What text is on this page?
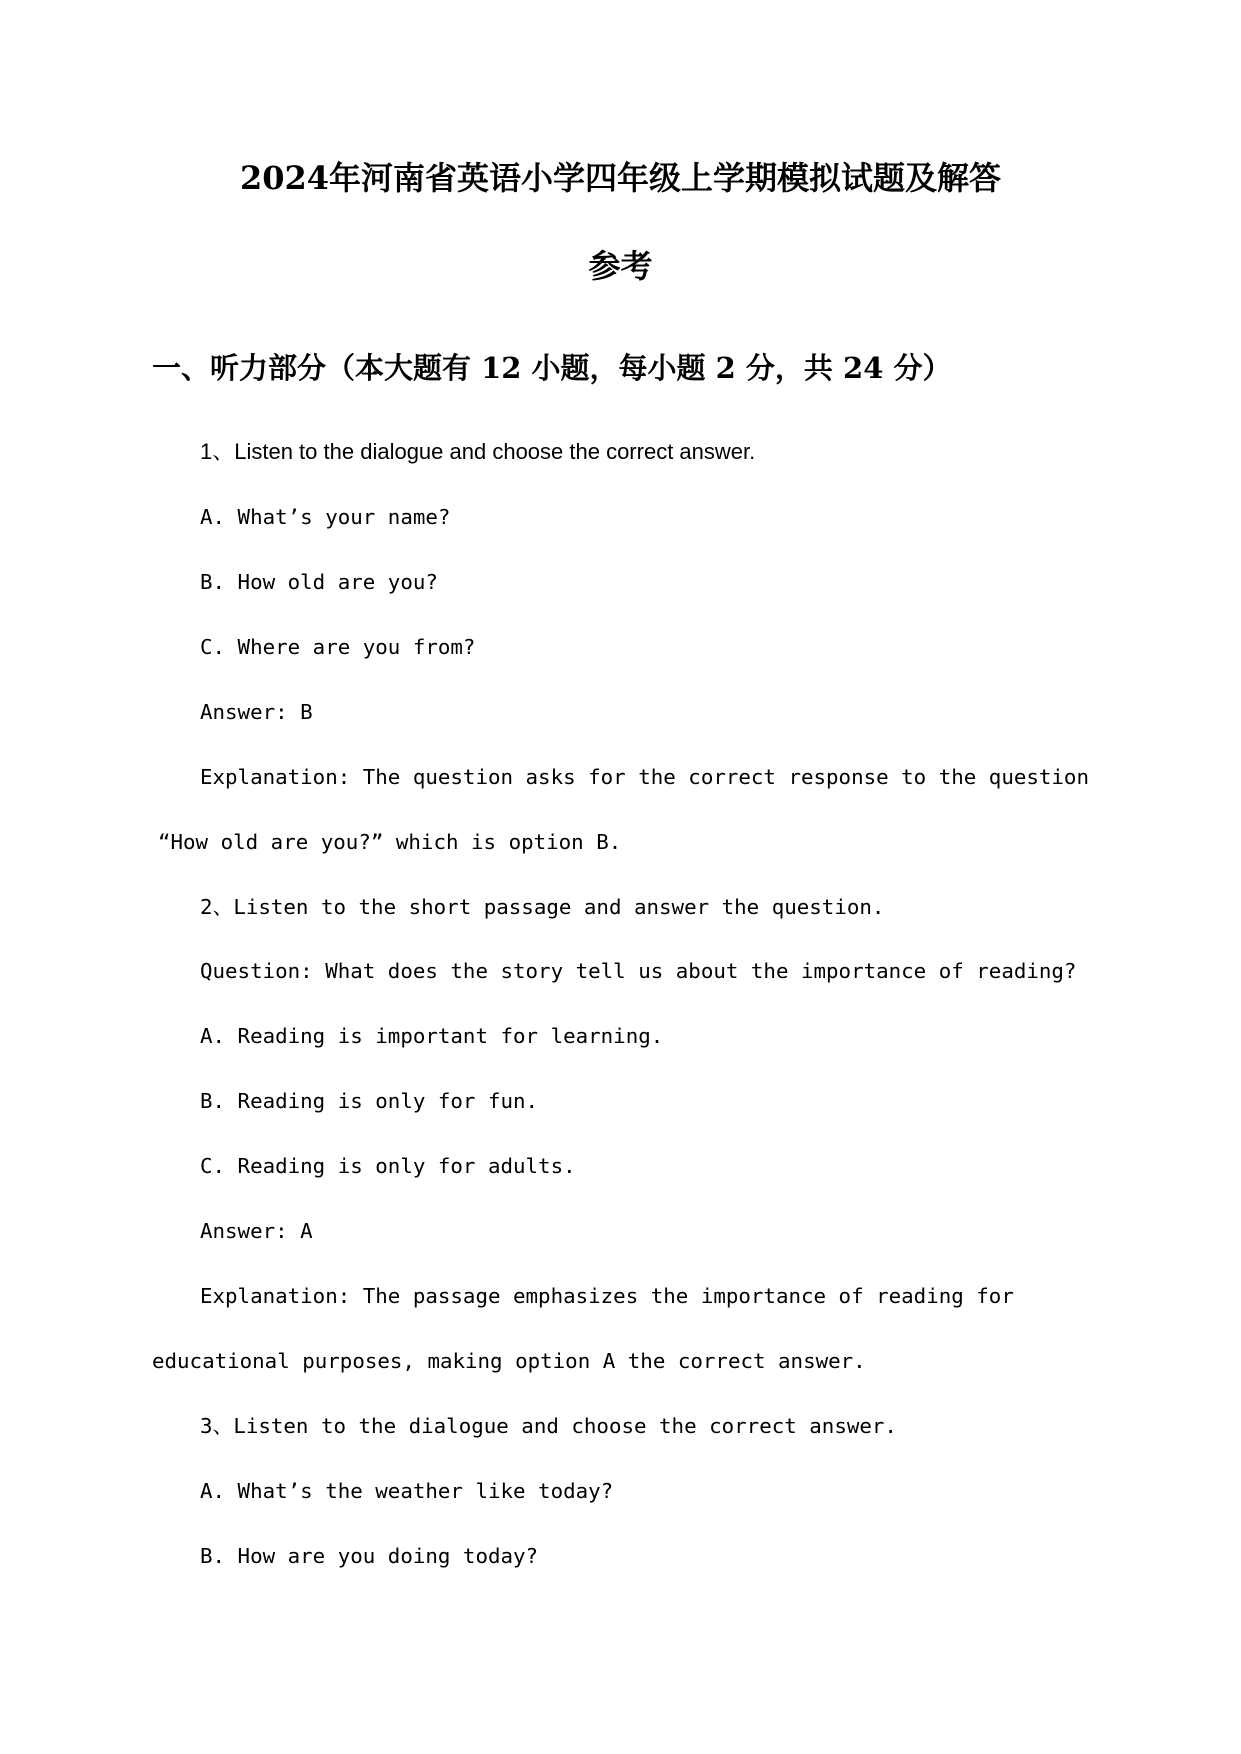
2024年河南省英语小学四年级上学期模拟试题及解答
参考
一、听力部分（本大题有 12 小题，每小题 2 分，共 24 分）
1、Listen to the dialogue and choose the correct answer.
A. What’s your name?
B. How old are you?
C. Where are you from?
Answer: B
Explanation: The question asks for the correct response to the question
“How old are you?” which is option B.
2、Listen to the short passage and answer the question.
Question: What does the story tell us about the importance of reading?
A. Reading is important for learning.
B. Reading is only for fun.
C. Reading is only for adults.
Answer: A
Explanation: The passage emphasizes the importance of reading for
educational purposes, making option A the correct answer.
3、Listen to the dialogue and choose the correct answer.
A. What’s the weather like today?
B. How are you doing today?
